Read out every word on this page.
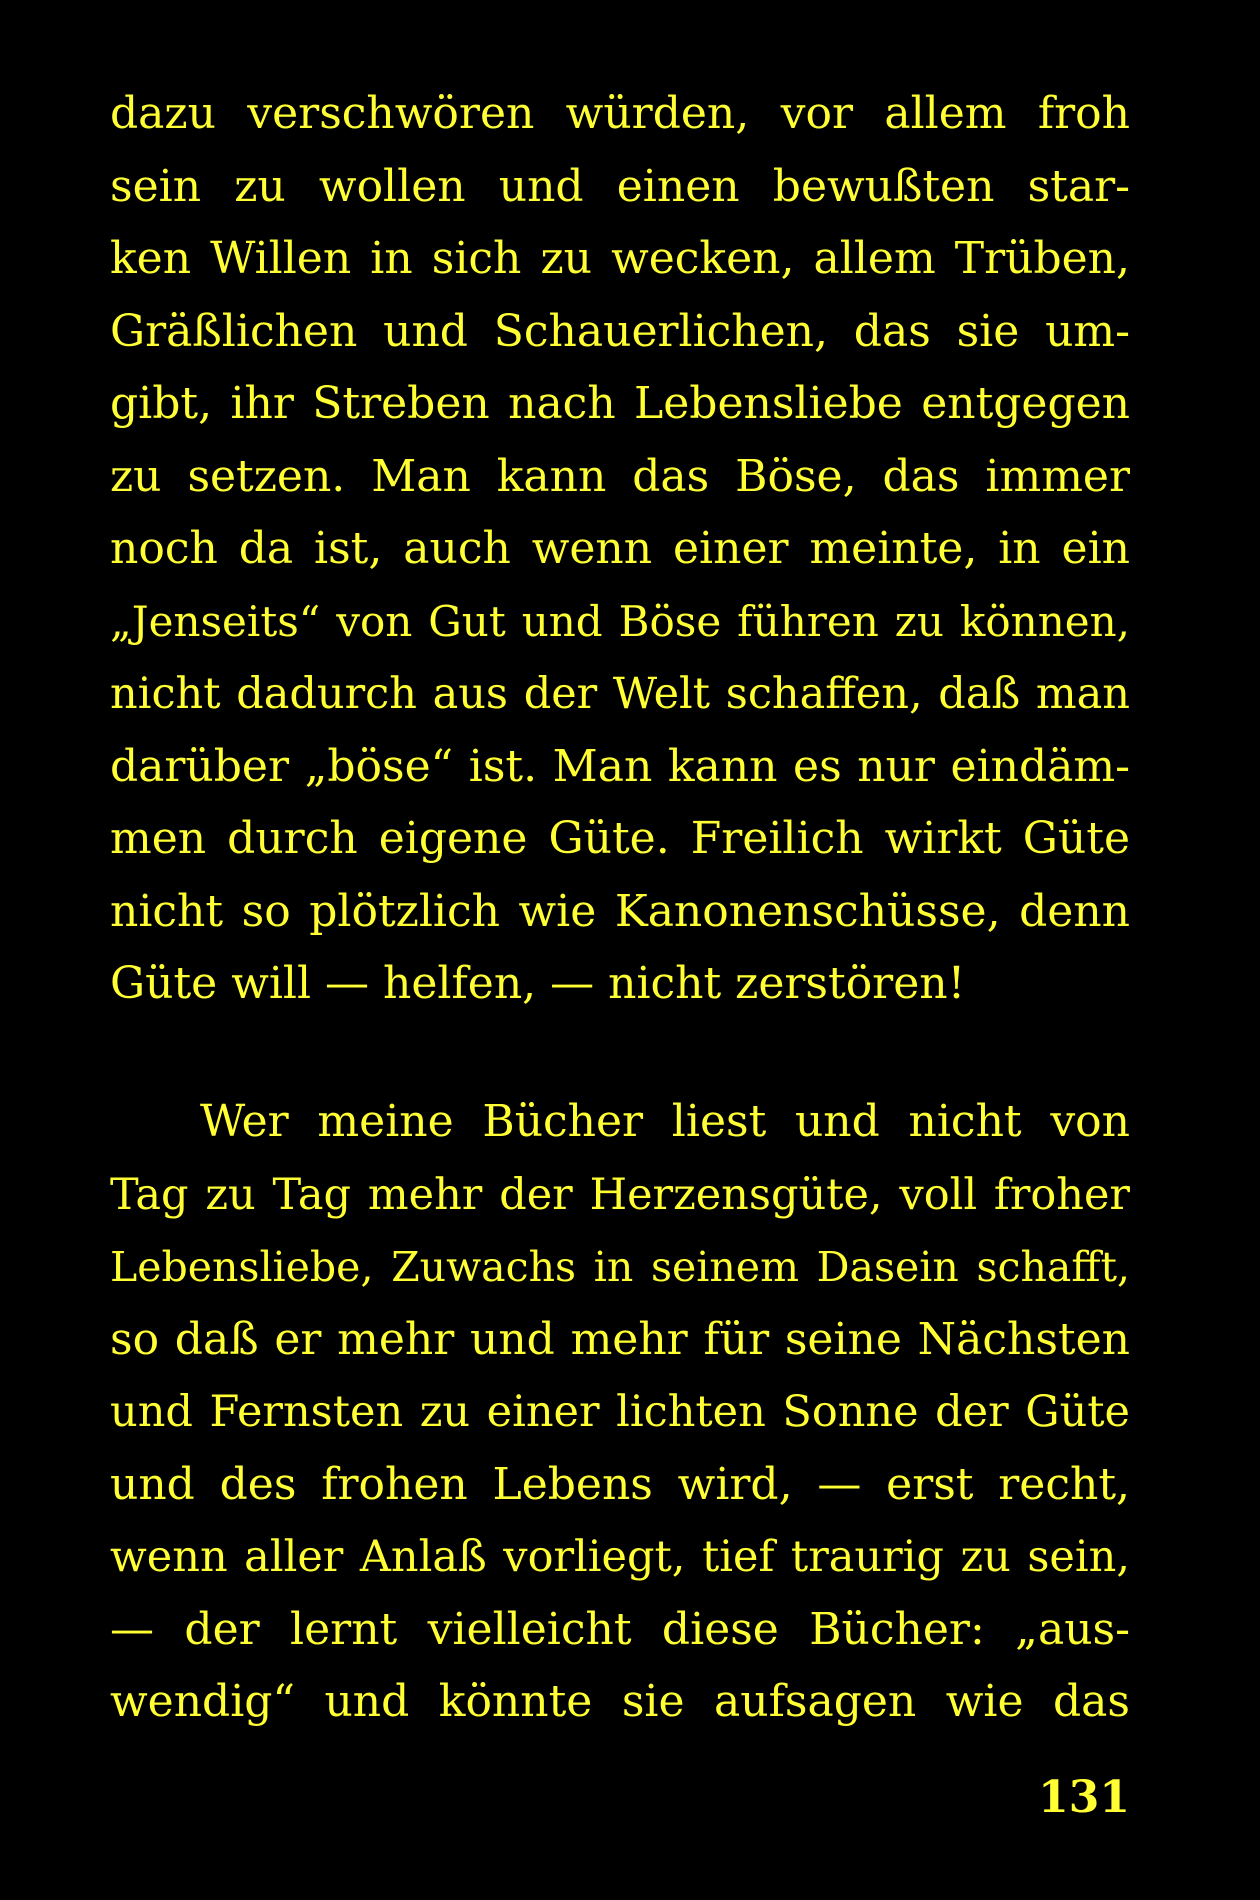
dazu verschwören würden, vor allem froh
sein zu wollen und einen bewußten star-
ken Willen in sich zu wecken, allem Trüben,
Gräßlichen und Schauerlichen, das sie um-
gibt, ihr Streben nach Lebensliebe entgegen
zu setzen. Man kann das Böse, das immer
noch da ist, auch wenn einer meinte, in ein
„Jenseits“ von Gut und Böse führen zu können,
nicht dadurch aus der Welt schaffen, daß man
darüber „böse“ ist. Man kann es nur eindäm-
men durch eigene Güte. Freilich wirkt Güte
nicht so plötzlich wie Kanonenschüsse, denn
Güte will — helfen, — nicht zerstören!
Wer meine Bücher liest und nicht von
Tag zu Tag mehr der Herzensgüte, voll froher
Lebensliebe, Zuwachs in seinem Dasein schafft,
so daß er mehr und mehr für seine Nächsten
und Fernsten zu einer lichten Sonne der Güte
und des frohen Lebens wird, — erst recht,
wenn aller Anlaß vorliegt, tief traurig zu sein,
— der lernt vielleicht diese Bücher: „aus-
wendig“ und könnte sie aufsagen wie das
131
